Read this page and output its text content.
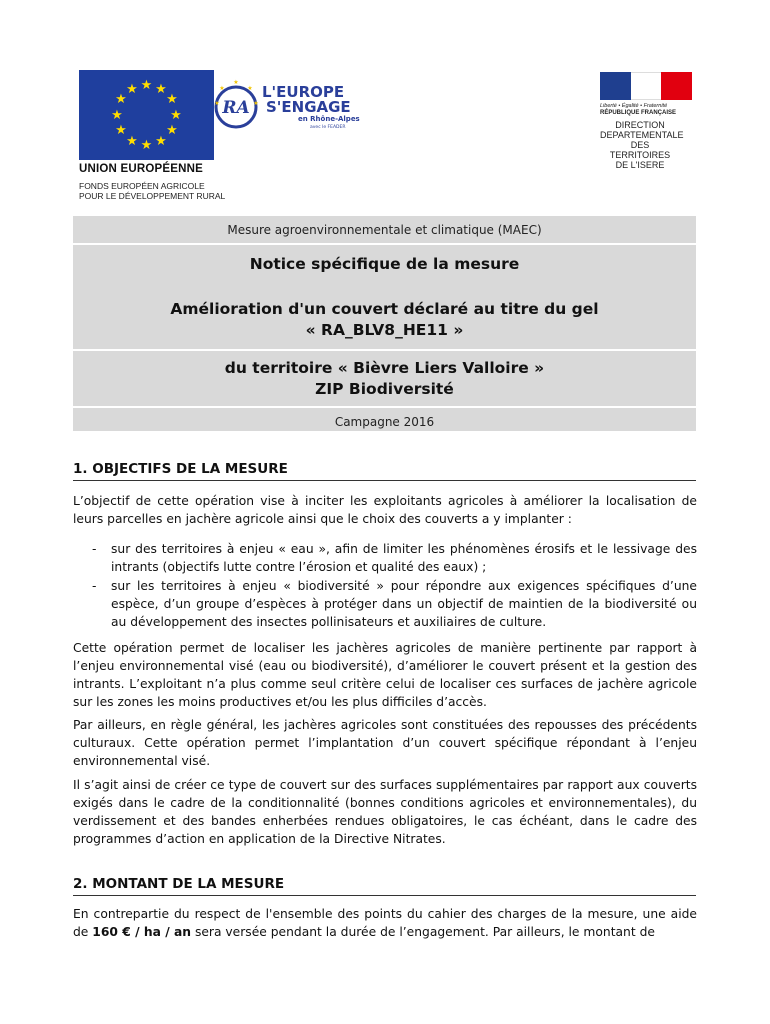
★ ★
★
★
★
★
★
★
★
★
★
★
UNION EUROPÉENNE
FONDS EUROPÉEN AGRICOLE
POUR LE DÉVELOPPEMENT RURAL
★
★
★
★
★ RA
L'EUROPE
S'ENGAGE
en Rhône-Alpes
avec le FEADER
Liberté • Égalité • Fraternité
RÉPUBLIQUE FRANÇAISE
DIRECTION
DEPARTEMENTALE
DES TERRITOIRES
DE L'ISERE
Mesure agroenvironnementale et climatique (MAEC)
Notice spécifique de la mesure
Amélioration d'un couvert déclaré au titre du gel
« RA_BLV8_HE11 »
du territoire « Bièvre Liers Valloire »
ZIP Biodiversité
Campagne 2016
1. OBJECTIFS DE LA MESURE
L’objectif de cette opération vise à inciter les exploitants agricoles à améliorer la localisation de leurs parcelles en jachère agricole ainsi que le choix des couverts a y implanter :
-	sur des territoires à enjeu « eau », afin de limiter les phénomènes érosifs et le lessivage des intrants (objectifs lutte contre l’érosion et qualité des eaux) ;
-	sur les territoires à enjeu « biodiversité » pour répondre aux exigences spécifiques d’une espèce, d’un groupe d’espèces à protéger dans un objectif de maintien de la biodiversité ou au développement des insectes pollinisateurs et auxiliaires de culture.
Cette opération permet de localiser les jachères agricoles de manière pertinente par rapport à l’enjeu environnemental visé (eau ou biodiversité), d’améliorer le couvert présent et la gestion des intrants. L’exploitant n’a plus comme seul critère celui de localiser ces surfaces de jachère agricole sur les zones les moins productives et/ou les plus difficiles d’accès.
Par ailleurs, en règle général, les jachères agricoles sont constituées des repousses des précédents culturaux. Cette opération permet l’implantation d’un couvert spécifique répondant à l’enjeu environnemental visé.
Il s’agit ainsi de créer ce type de couvert sur des surfaces supplémentaires par rapport aux couverts exigés dans le cadre de la conditionnalité (bonnes conditions agricoles et environnementales), du verdissement et des bandes enherbées rendues obligatoires, le cas échéant, dans le cadre des programmes d’action en application de la Directive Nitrates.
2. MONTANT DE LA MESURE
En contrepartie du respect de l'ensemble des points du cahier des charges de la mesure, une aide de 160 € / ha / an sera versée pendant la durée de l’engagement. Par ailleurs, le montant de
